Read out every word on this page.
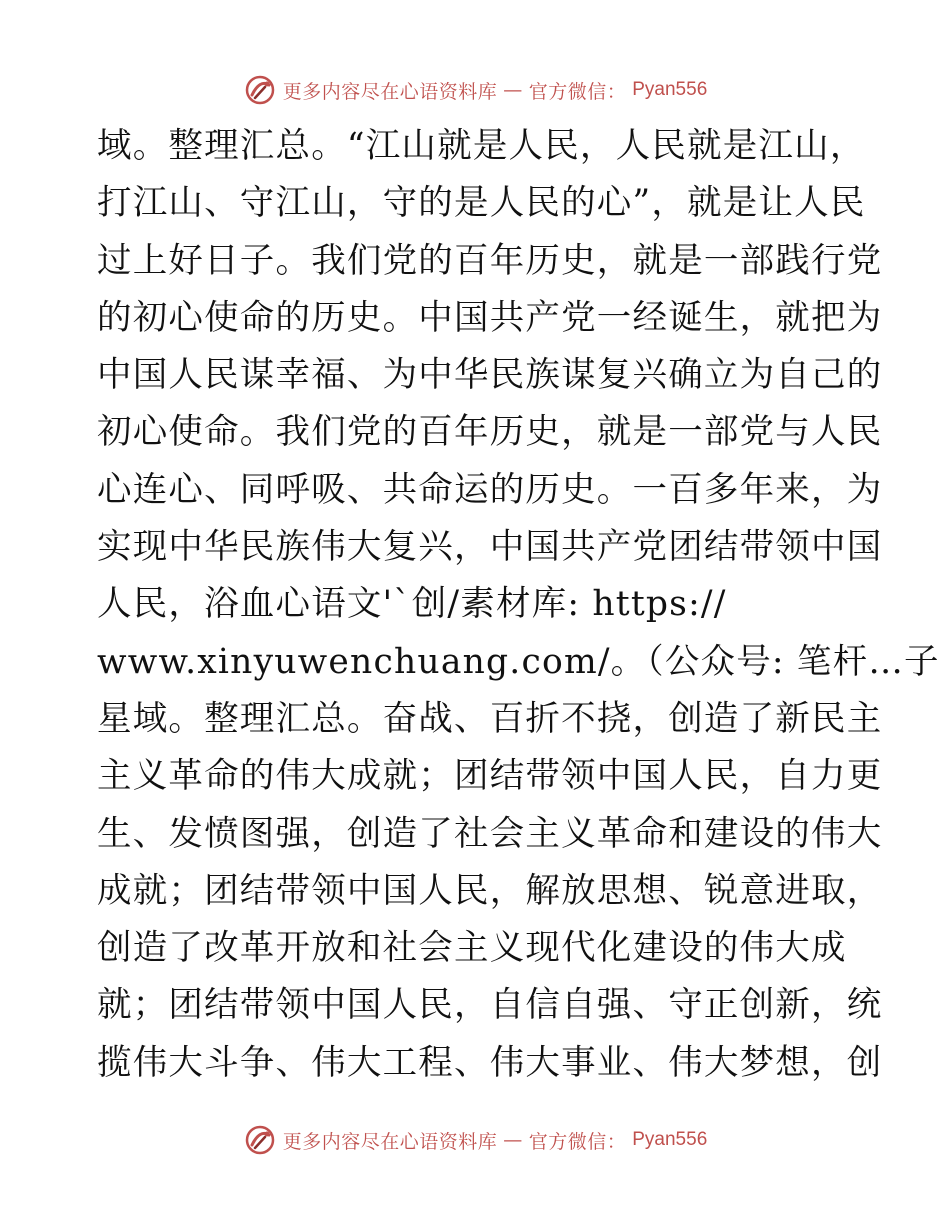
更多内容尽在心语资料库 — 官方微信： Pyan556

域。整理汇总。“江山就是人民，人民就是江山，

打江山、守江山，守的是人民的心”，就是让人民

过上好日子。我们党的百年历史，就是一部践行党

的初心使命的历史。中国共产党一经诞生，就把为

中国人民谋幸福、为中华民族谋复兴确立为自己的

初心使命。我们党的百年历史，就是一部党与人民

心连心、同呼吸、共命运的历史。一百多年来，为

实现中华民族伟大复兴，中国共产党团结带领中国

人民，浴血心语文'`创/素材库: https://

www.xinyuwenchuang.com/。（公众号: 笔杆…子

星域。整理汇总。奋战、百折不挠，创造了新民主

主义革命的伟大成就；团结带领中国人民，自力更

生、发愤图强，创造了社会主义革命和建设的伟大

成就；团结带领中国人民，解放思想、锐意进取，

创造了改革开放和社会主义现代化建设的伟大成

就；团结带领中国人民，自信自强、守正创新，统

揽伟大斗争、伟大工程、伟大事业、伟大梦想，创

更多内容尽在心语资料库 — 官方微信： Pyan556
